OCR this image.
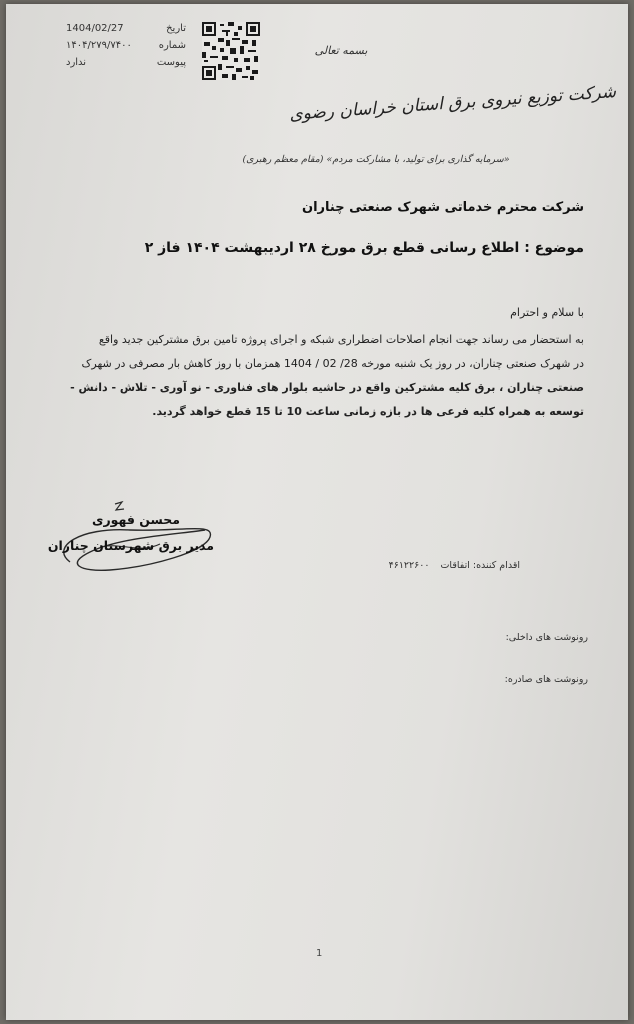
1404/02/27	تاریخ
۱۴۰۴/۲۷۹/۷۴۰۰	شماره
ندارد	پیوست
بسمه تعالی
شرکت توزیع نیروی برق استان خراسان رضوی
«سرمایه گذاری برای تولید، با مشارکت مردم» (مقام معظم رهبری)
شرکت محترم خدماتی شهرک صنعتی چناران
موضوع : اطلاع رسانی قطع برق مورخ ۲۸ اردیبهشت ۱۴۰۴ فاز ۲
با سلام و احترام
به استحضار می رساند جهت انجام اصلاحات اضطراری شبکه و اجرای پروژه تامین برق مشترکین جدید واقع
در شهرک صنعتی چناران، در روز یک شنبه مورخه 28/ 02 / 1404 همزمان با روز کاهش بار مصرفی در شهرک
صنعتی چناران ، برق کلیه مشترکین واقع در حاشیه بلوار های فناوری - نو آوری - تلاش - دانش -
توسعه به همراه کلیه فرعی ها در بازه زمانی ساعت 10 تا 15 قطع خواهد گردید.
محسن فهوری
مدیر برق شهرستان چناران
اقدام کننده: اتفاقات ۴۶۱۲۲۶۰۰
رونوشت های داخلی:
رونوشت های صادره:
1
